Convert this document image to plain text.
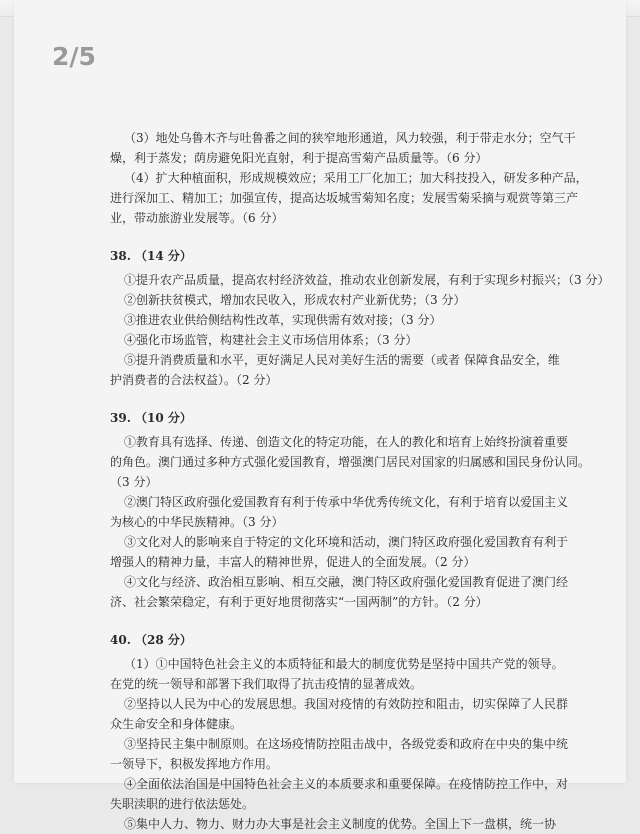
2/5
（3）地处乌鲁木齐与吐鲁番之间的狭窄地形通道，风力较强，利于带走水分；空气干
燥，利于蒸发；荫房避免阳光直射，利于提高雪菊产品质量等。（6 分）
（4）扩大种植面积，形成规模效应；采用工厂化加工；加大科技投入，研发多种产品，
进行深加工、精加工；加强宣传，提高达坂城雪菊知名度；发展雪菊采摘与观赏等第三产
业，带动旅游业发展等。（6 分）
38. （14 分）
①提升农产品质量，提高农村经济效益，推动农业创新发展，有利于实现乡村振兴；（3 分）
②创新扶贫模式，增加农民收入，形成农村产业新优势；（3 分）
③推进农业供给侧结构性改革，实现供需有效对接；（3 分）
④强化市场监管，构建社会主义市场信用体系；（3 分）
⑤提升消费质量和水平，更好满足人民对美好生活的需要（或者 保障食品安全，维
护消费者的合法权益）。（2 分）
39. （10 分）
①教育具有选择、传递、创造文化的特定功能，在人的教化和培育上始终扮演着重要
的角色。澳门通过多种方式强化爱国教育，增强澳门居民对国家的归属感和国民身份认同。
（3 分）
②澳门特区政府强化爱国教育有利于传承中华优秀传统文化，有利于培育以爱国主义
为核心的中华民族精神。（3 分）
③文化对人的影响来自于特定的文化环境和活动，澳门特区政府强化爱国教育有利于
增强人的精神力量，丰富人的精神世界，促进人的全面发展。（2 分）
④文化与经济、政治相互影响、相互交融，澳门特区政府强化爱国教育促进了澳门经
济、社会繁荣稳定，有利于更好地贯彻落实“一国两制”的方针。（2 分）
40. （28 分）
（1）①中国特色社会主义的本质特征和最大的制度优势是坚持中国共产党的领导。
在党的统一领导和部署下我们取得了抗击疫情的显著成效。
②坚持以人民为中心的发展思想。我国对疫情的有效防控和阻击，切实保障了人民群
众生命安全和身体健康。
③坚持民主集中制原则。在这场疫情防控阻击战中，各级党委和政府在中央的集中统
一领导下，积极发挥地方作用。
④全面依法治国是中国特色社会主义的本质要求和重要保障。在疫情防控工作中，对
失职渎职的进行依法惩处。
⑤集中人力、物力、财力办大事是社会主义制度的优势。全国上下一盘棋，统一协
